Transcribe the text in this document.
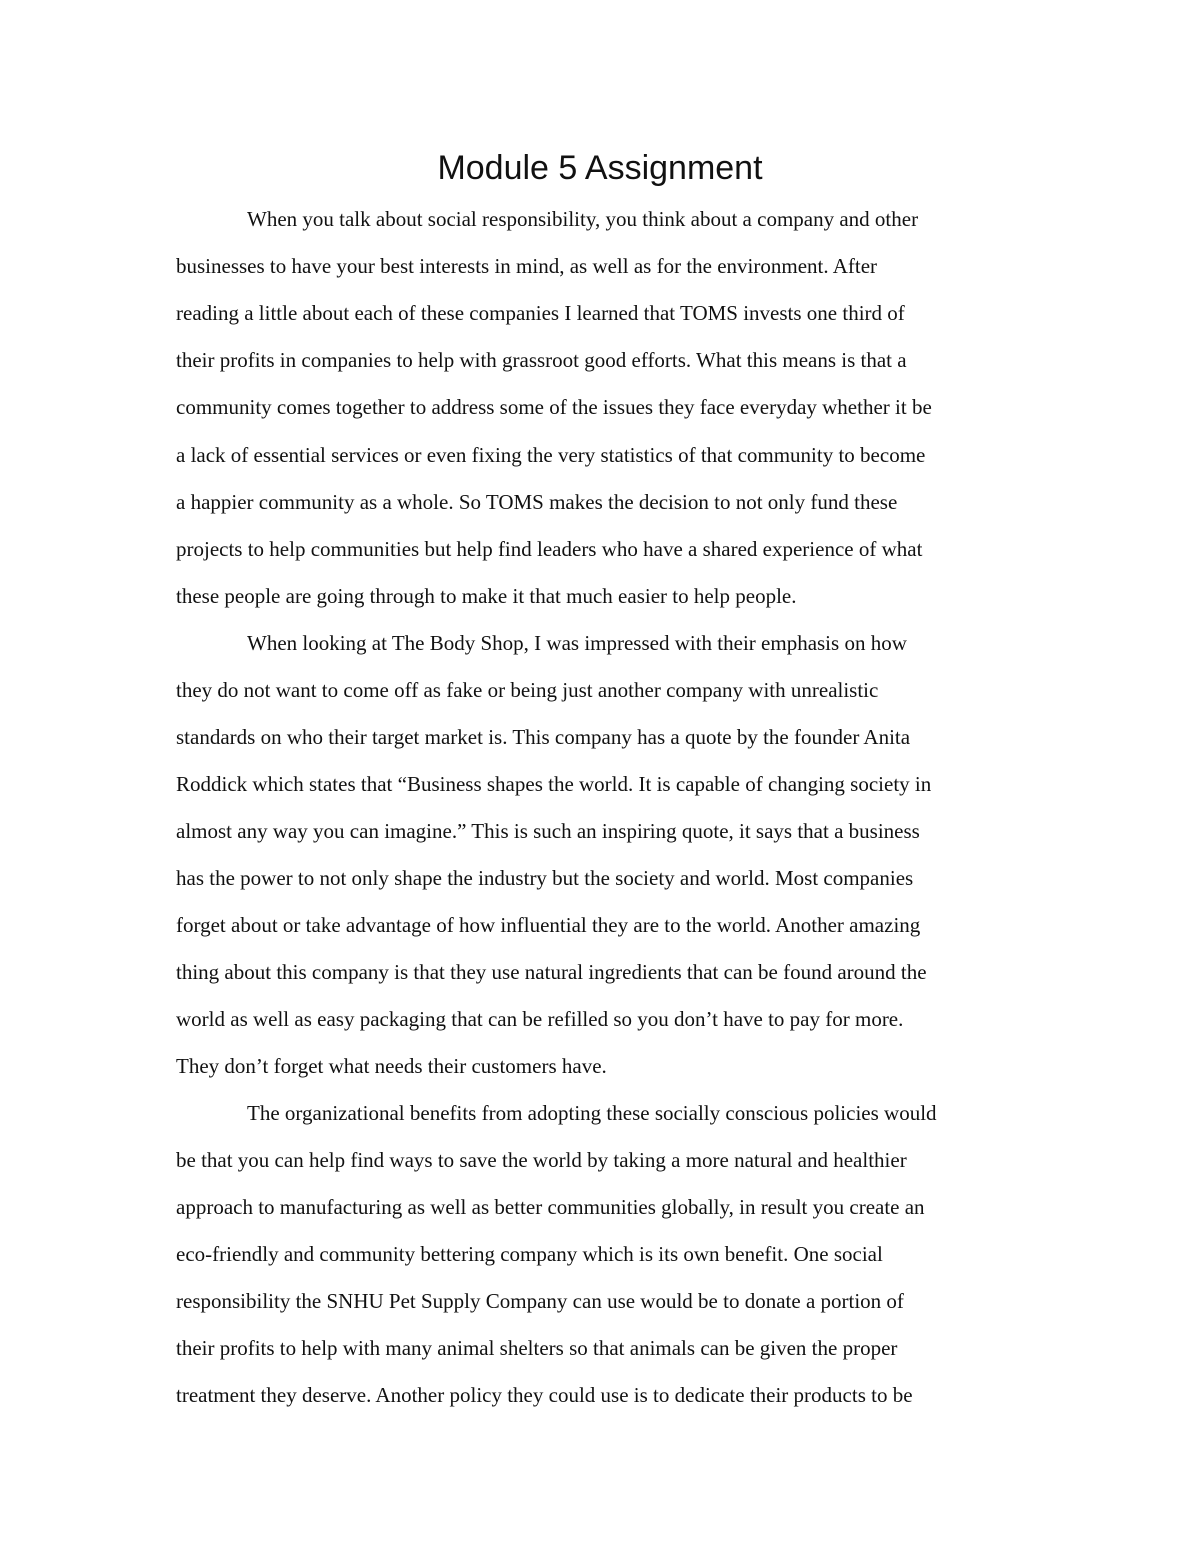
Module 5 Assignment
When you talk about social responsibility, you think about a company and other
businesses to have your best interests in mind, as well as for the environment. After
reading a little about each of these companies I learned that TOMS invests one third of
their profits in companies to help with grassroot good efforts. What this means is that a
community comes together to address some of the issues they face everyday whether it be
a lack of essential services or even fixing the very statistics of that community to become
a happier community as a whole. So TOMS makes the decision to not only fund these
projects to help communities but help find leaders who have a shared experience of what
these people are going through to make it that much easier to help people.
When looking at The Body Shop, I was impressed with their emphasis on how
they do not want to come off as fake or being just another company with unrealistic
standards on who their target market is. This company has a quote by the founder Anita
Roddick which states that “Business shapes the world. It is capable of changing society in
almost any way you can imagine.” This is such an inspiring quote, it says that a business
has the power to not only shape the industry but the society and world. Most companies
forget about or take advantage of how influential they are to the world. Another amazing
thing about this company is that they use natural ingredients that can be found around the
world as well as easy packaging that can be refilled so you don’t have to pay for more.
They don’t forget what needs their customers have.
The organizational benefits from adopting these socially conscious policies would
be that you can help find ways to save the world by taking a more natural and healthier
approach to manufacturing as well as better communities globally, in result you create an
eco-friendly and community bettering company which is its own benefit. One social
responsibility the SNHU Pet Supply Company can use would be to donate a portion of
their profits to help with many animal shelters so that animals can be given the proper
treatment they deserve. Another policy they could use is to dedicate their products to be
